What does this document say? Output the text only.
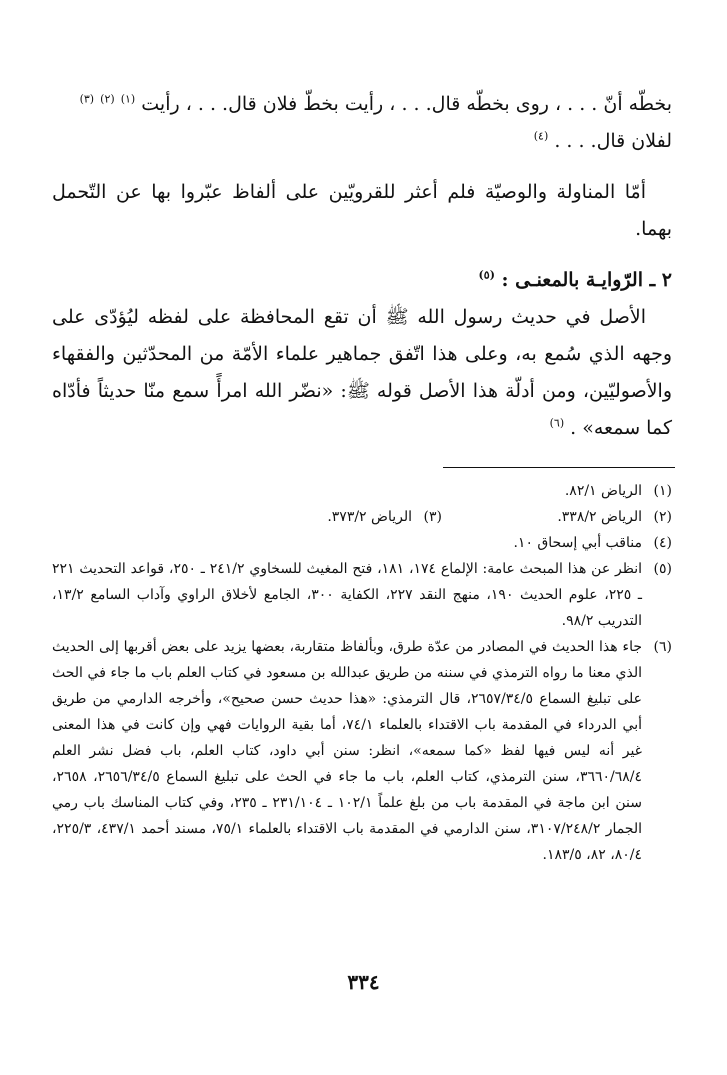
بخطّه أنّ . . . ، روى بخطّه قال. . . ، رأيت بخطّ فلان قال. . . ، رأيت $^{(١)}$ $^{(٢)}$ $^{(٣)}$
لفلان قال. . . . $^{(٤)}$

أمّا المناولة والوصيّة فلم أعثر للقرويّين على ألفاظ عبّروا بها عن التّحمل بهما.

٢ ـ الرّوايـة بالمعنـى : $^{(٥)}$

الأصل في حديث رسول الله ﷺ أن تقع المحافظة على لفظه ليُؤدّى على وجهه الذي سُمع به، وعلى هذا اتّفق جماهير علماء الأمّة من المحدّثين والفقهاء والأصوليّين، ومن أدلّة هذا الأصل قوله ﷺ: «نضّر الله امرأً سمع منّا حديثاً فأدّاه كما سمعه» . $^{(٦)}$

(١)
الرياض ٨٢/١.
(٢)
الرياض ٣٣٨/٢.
(٣)
الرياض ٣٧٣/٢.
(٤)
مناقب أبي إسحاق ١٠.
(٥)
انظر عن هذا المبحث عامة: الإلماع ١٧٤، ١٨١، فتح المغيث للسخاوي ٢٤١/٢ ـ ٢٥٠، قواعد التحديث ٢٢١ ـ ٢٢٥، علوم الحديث ١٩٠، منهج النقد ٢٢٧، الكفاية ٣٠٠، الجامع لأخلاق الراوي وآداب السامع ١٣/٢، التدريب ٩٨/٢.
(٦)
جاء هذا الحديث في المصادر من عدّة طرق، وبألفاظ متقاربة، بعضها يزيد على بعض أقربها إلى الحديث الذي معنا ما رواه الترمذي في سننه من طريق عبدالله بن مسعود في كتاب العلم باب ما جاء في الحث على تبليغ السماع ٢٦٥٧/٣٤/٥، قال الترمذي: «هذا حديث حسن صحيح»، وأخرجه الدارمي من طريق أبي الدرداء في المقدمة باب الاقتداء بالعلماء ٧٤/١، أما بقية الروايات فهي وإن كانت في هذا المعنى غير أنه ليس فيها لفظ «كما سمعه»، انظر: سنن أبي داود، كتاب العلم، باب فضل نشر العلم ٣٦٦٠/٦٨/٤، سنن الترمذي، كتاب العلم، باب ما جاء في الحث على تبليغ السماع ٢٦٥٦/٣٤/٥، ٢٦٥٨، سنن ابن ماجة في المقدمة باب من بلغ علماً ١٠٢/١ ـ ٢٣١/١٠٤ ـ ٢٣٥، وفي كتاب المناسك باب رمي الجمار ٣١٠٧/٢٤٨/٢، سنن الدارمي في المقدمة باب الاقتداء بالعلماء ٧٥/١، مسند أحمد ٤٣٧/١، ٢٢٥/٣، ٨٠/٤، ٨٢، ١٨٣/٥.
٣٣٤
